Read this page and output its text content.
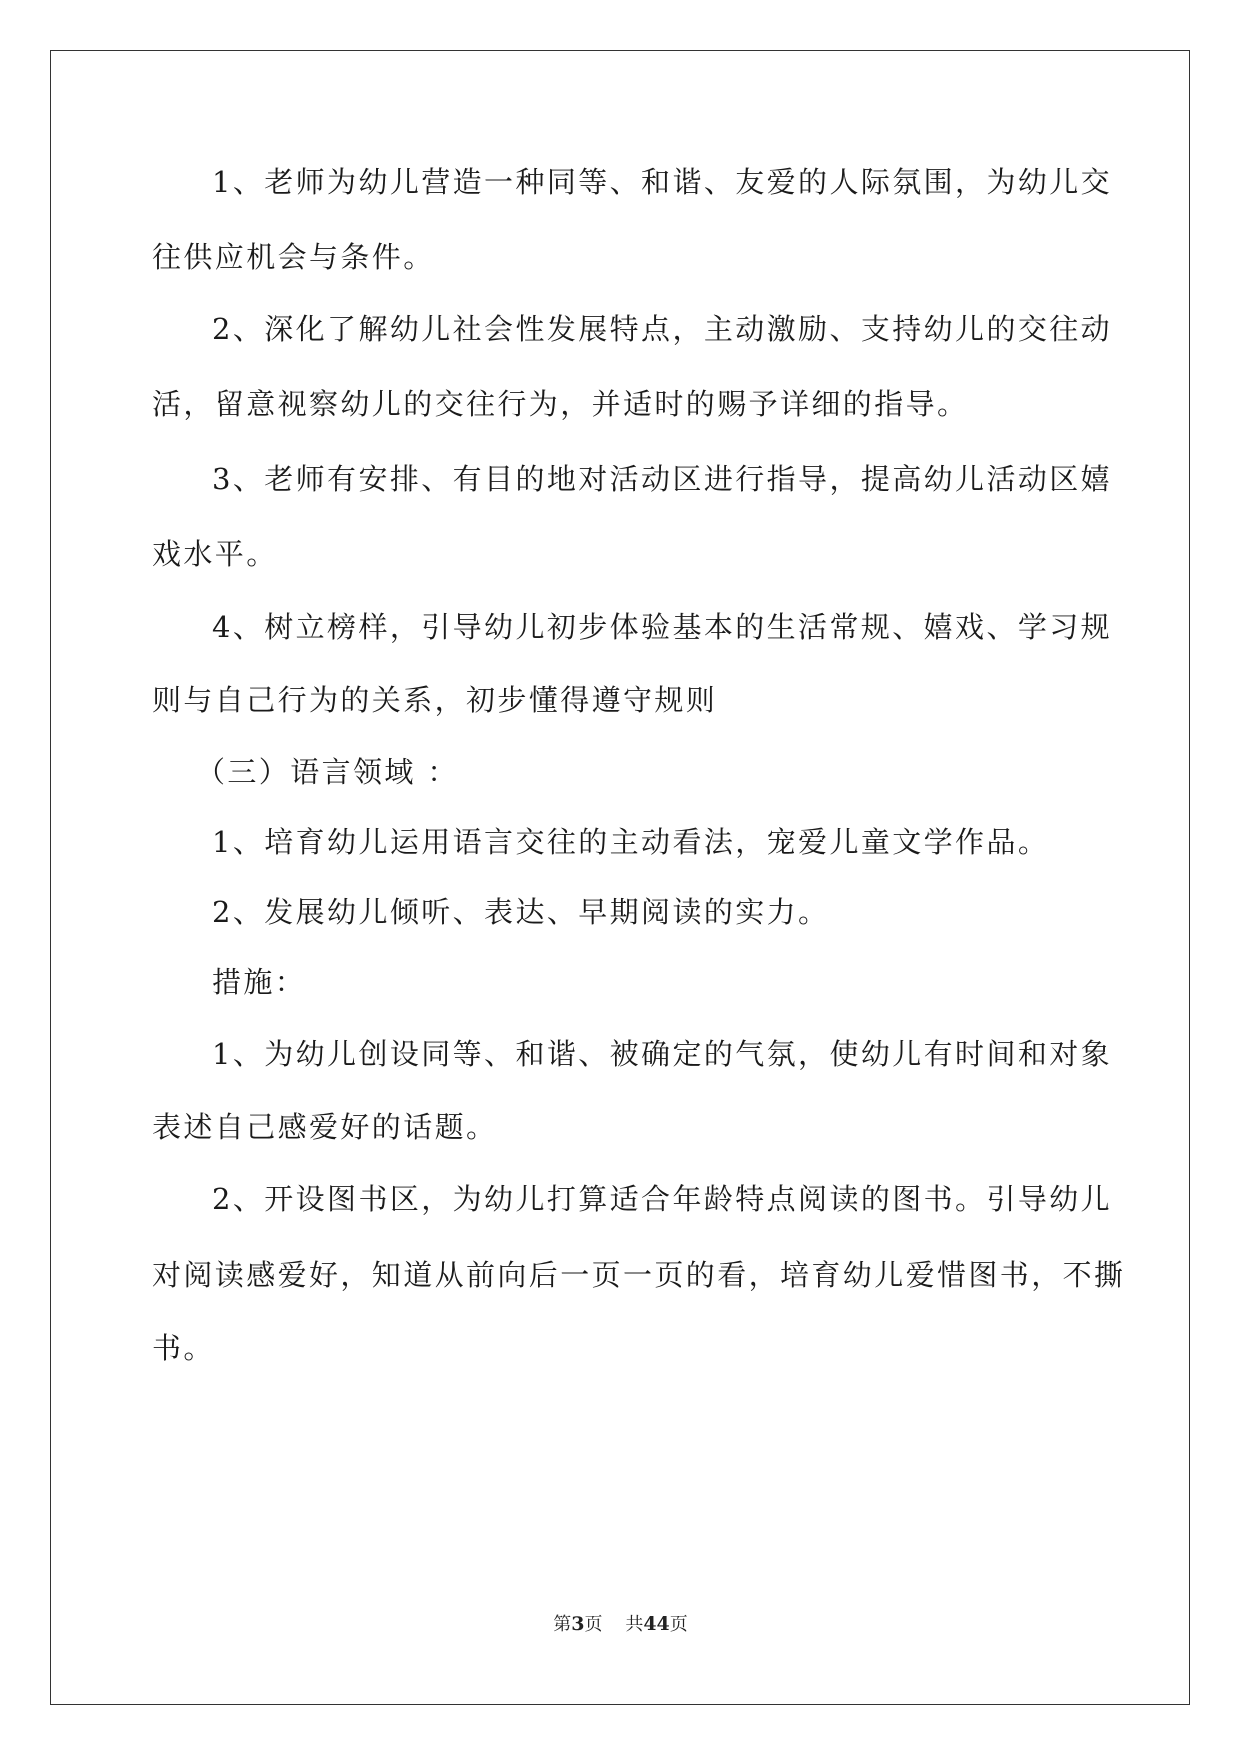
1、老师为幼儿营造一种同等、和谐、友爱的人际氛围，为幼儿交
往供应机会与条件。
2、深化了解幼儿社会性发展特点，主动激励、支持幼儿的交往动
活，留意视察幼儿的交往行为，并适时的赐予详细的指导。
3、老师有安排、有目的地对活动区进行指导，提高幼儿活动区嬉
戏水平。
4、树立榜样，引导幼儿初步体验基本的生活常规、嬉戏、学习规
则与自己行为的关系，初步懂得遵守规则
（三）语言领域 ：
1、培育幼儿运用语言交往的主动看法，宠爱儿童文学作品。
2、发展幼儿倾听、表达、早期阅读的实力。
措施：
1、为幼儿创设同等、和谐、被确定的气氛，使幼儿有时间和对象
表述自己感爱好的话题。
2、开设图书区，为幼儿打算适合年龄特点阅读的图书。引导幼儿
对阅读感爱好，知道从前向后一页一页的看，培育幼儿爱惜图书，不撕
书。
第3页 共44页
